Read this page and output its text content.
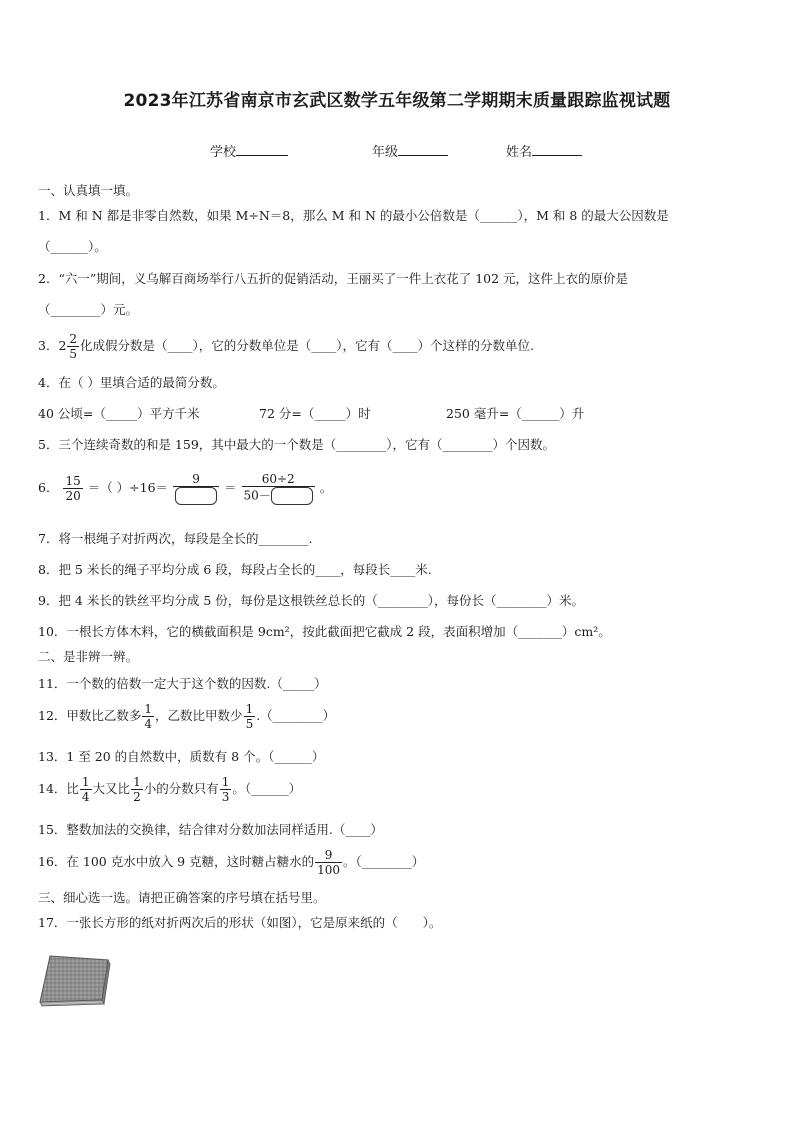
2023年江苏省南京市玄武区数学五年级第二学期期末质量跟踪监视试题
学校	年级	姓名
一、认真填一填。
1．M 和 N 都是非零自然数，如果 M÷N＝8，那么 M 和 N 的最小公倍数是（______），M 和 8 的最大公因数是
（______）。
2．“六一”期间，义乌解百商场举行八五折的促销活动，王丽买了一件上衣花了 102 元，这件上衣的原价是
（________）元。
3．$2 \frac{2}{5}$ 化成假分数是（____），它的分数单位是（____），它有（____）个这样的分数单位.
4．在（ ）里填合适的最简分数。
40 公顷=（_____）平方千米	72 分=（_____）时	250 毫升=（______）升
5．三个连续奇数的和是 159，其中最大的一个数是（________），它有（________）个因数。
6． $\frac{15}{20}$ ＝（ ）÷16＝
9
＝ $\frac{60\div 2}{50-}$ 。
7．将一根绳子对折两次，每段是全长的________.
8．把 5 米长的绳子平均分成 6 段，每段占全长的____，每段长____米.
9．把 4 米长的铁丝平均分成 5 份，每份是这根铁丝总长的（________），每份长（________）米。
10．一根长方体木料，它的横截面积是 9cm²，按此截面把它截成 2 段，表面积增加（_______）cm²。
二、是非辨一辨。
11．一个数的倍数一定大于这个数的因数.（_____）
12．甲数比乙数多 $\frac{1}{4}$ ，乙数比甲数少 $\frac{1}{5}$ .（________）
13．1 至 20 的自然数中，质数有 8 个。（______）
14．比 $\frac{1}{4}$ 大又比 $\frac{1}{2}$ 小的分数只有 $\frac{1}{3}$ 。（______）
15．整数加法的交换律，结合律对分数加法同样适用.（____）
16．在 100 克水中放入 9 克糖，这时糖占糖水的 $\frac{9}{100}$ 。（________）
三、细心选一选。请把正确答案的序号填在括号里。
17．一张长方形的纸对折两次后的形状（如图），它是原来纸的（　　）。
